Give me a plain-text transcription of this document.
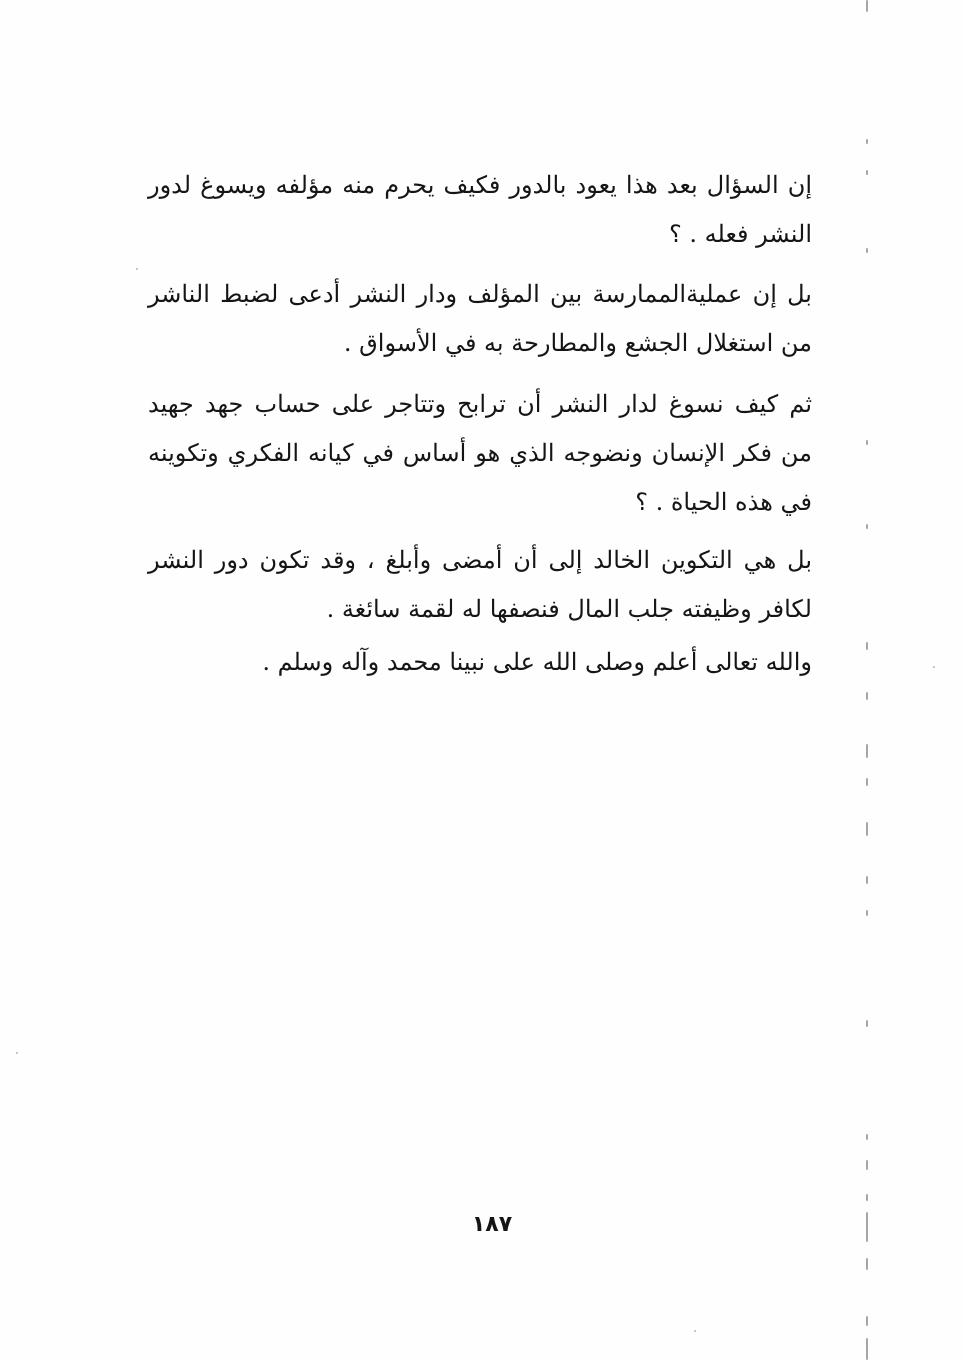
إن السؤال بعد هذا يعود بالدور فكيف يحرم منه مؤلفه ويسوغ لدور النشر فعله . ؟

بل إن عمليةالممارسة بين المؤلف ودار النشر أدعى لضبط الناشر من استغلال الجشع والمطارحة به في الأسواق .

ثم كيف نسوغ لدار النشر أن ترابح وتتاجر على حساب جهد جهيد من فكر الإنسان ونضوجه الذي هو أساس في كيانه الفكري وتكوينه في هذه الحياة . ؟

بل هي التكوين الخالد إلى أن أمضى وأبلغ ، وقد تكون دور النشر لكافر وظيفته جلب المال فنصفها له لقمة سائغة .

والله تعالى أعلم وصلى الله على نبينا محمد وآله وسلم .

١٨٧
